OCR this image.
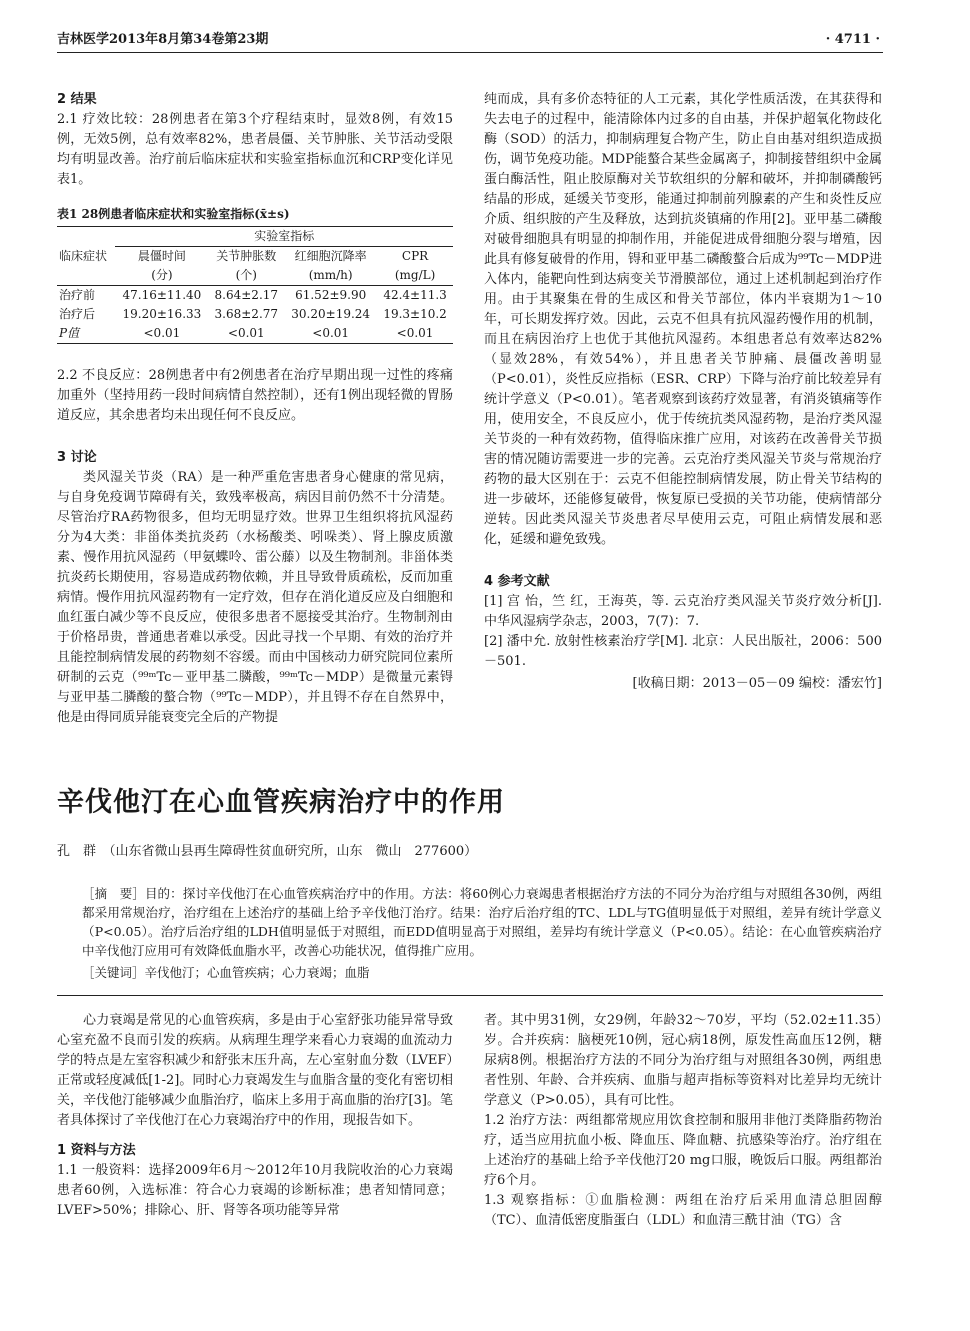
吉林医学2013年8月第34卷第23期	· 4711 ·

2 结果

2.1 疗效比较：28例患者在第3个疗程结束时，显效8例，有效15例，无效5例，总有效率82%，患者晨僵、关节肿胀、关节活动受限均有明显改善。治疗前后临床症状和实验室指标血沉和CRP变化详见表1。

表1 28例患者临床症状和实验室指标(x̄±s)

	实验室指标			
临床症状	晨僵时间	关节肿胀数	红细胞沉降率	CPR
	(分)	(个)	(mm/h)	(mg/L)
治疗前	47.16±11.40	8.64±2.17	61.52±9.90	42.4±11.3
治疗后	19.20±16.33	3.68±2.77	30.20±19.24	19.3±10.2
P值	<0.01	<0.01	<0.01	<0.01

2.2 不良反应：28例患者中有2例患者在治疗早期出现一过性的疼痛加重外（坚持用药一段时间病情自然控制），还有1例出现轻微的胃肠道反应，其余患者均未出现任何不良反应。

3 讨论

类风湿关节炎（RA）是一种严重危害患者身心健康的常见病，与自身免疫调节障碍有关，致残率极高，病因目前仍然不十分清楚。尽管治疗RA药物很多，但均无明显疗效。世界卫生组织将抗风湿药分为4大类：非甾体类抗炎药（水杨酸类、吲哚类）、肾上腺皮质激素、慢作用抗风湿药（甲氨蝶呤、雷公藤）以及生物制剂。非甾体类抗炎药长期使用，容易造成药物依赖，并且导致骨质疏松，反而加重病情。慢作用抗风湿药物有一定疗效，但存在消化道反应及白细胞和血红蛋白减少等不良反应，使很多患者不愿接受其治疗。生物制剂由于价格昂贵，普通患者难以承受。因此寻找一个早期、有效的治疗并且能控制病情发展的药物刻不容缓。而由中国核动力研究院同位素所研制的云克（⁹⁹ᵐTc－亚甲基二膦酸，⁹⁹ᵐTc－MDP）是微量元素锝与亚甲基二膦酸的螯合物（⁹⁹Tc－MDP），并且锝不存在自然界中，他是由得同质异能衰变完全后的产物提

纯而成，具有多价态特征的人工元素，其化学性质活泼，在其获得和失去电子的过程中，能清除体内过多的自由基，并保护超氧化物歧化酶（SOD）的活力，抑制病理复合物产生，防止自由基对组织造成损伤，调节免疫功能。MDP能螯合某些金属离子，抑制接替组织中金属蛋白酶活性，阻止胶原酶对关节软组织的分解和破坏，并抑制磷酸钙结晶的形成，延缓关节变形，能通过抑制前列腺素的产生和炎性反应介质、组织胺的产生及释放，达到抗炎镇痛的作用[2]。亚甲基二磷酸对破骨细胞具有明显的抑制作用，并能促进成骨细胞分裂与增殖，因此具有修复破骨的作用，锝和亚甲基二磷酸螯合后成为⁹⁹Tc－MDP进入体内，能靶向性到达病变关节滑膜部位，通过上述机制起到治疗作用。由于其聚集在骨的生成区和骨关节部位，体内半衰期为1～10年，可长期发挥疗效。因此，云克不但具有抗风湿药慢作用的机制，而且在病因治疗上也优于其他抗风湿药。本组患者总有效率达82%（显效28%，有效54%），并且患者关节肿痛、晨僵改善明显（P<0.01），炎性反应指标（ESR、CRP）下降与治疗前比较差异有统计学意义（P<0.01）。笔者观察到该药疗效显著，有消炎镇痛等作用，使用安全，不良反应小，优于传统抗类风湿药物，是治疗类风湿关节炎的一种有效药物，值得临床推广应用，对该药在改善骨关节损害的情况随访需要进一步的完善。云克治疗类风湿关节炎与常规治疗药物的最大区别在于：云克不但能控制病情发展，防止骨关节结构的进一步破坏，还能修复破骨，恢复原已受损的关节功能，使病情部分逆转。因此类风湿关节炎患者尽早使用云克，可阻止病情发展和恶化，延缓和避免致残。

4 参考文献

[1] 宫 怡，竺 红，王海英，等. 云克治疗类风湿关节炎疗效分析[J]. 中华风湿病学杂志，2003，7(7)：7.

[2] 潘中允. 放射性核素治疗学[M]. 北京：人民出版社，2006：500－501.

[收稿日期：2013－05－09 编校：潘宏竹]

辛伐他汀在心血管疾病治疗中的作用
孔　群　（山东省微山县再生障碍性贫血研究所，山东　微山　277600）

［摘　要］目的：探讨辛伐他汀在心血管疾病治疗中的作用。方法：将60例心力衰竭患者根据治疗方法的不同分为治疗组与对照组各30例，两组都采用常规治疗，治疗组在上述治疗的基础上给予辛伐他汀治疗。结果：治疗后治疗组的TC、LDL与TG值明显低于对照组，差异有统计学意义（P<0.05）。治疗后治疗组的LDH值明显低于对照组，而EDD值明显高于对照组，差异均有统计学意义（P<0.05）。结论：在心血管疾病治疗中辛伐他汀应用可有效降低血脂水平，改善心功能状况，值得推广应用。

［关键词］辛伐他汀；心血管疾病；心力衰竭；血脂

心力衰竭是常见的心血管疾病，多是由于心室舒张功能异常导致心室充盈不良而引发的疾病。从病理生理学来看心力衰竭的血流动力学的特点是左室容积减少和舒张末压升高，左心室射血分数（LVEF）正常或轻度减低[1-2]。同时心力衰竭发生与血脂含量的变化有密切相关，辛伐他汀能够减少血脂治疗，临床上多用于高血脂的治疗[3]。笔者具体探讨了辛伐他汀在心力衰竭治疗中的作用，现报告如下。

1 资料与方法

1.1 一般资料：选择2009年6月～2012年10月我院收治的心力衰竭患者60例，入选标准：符合心力衰竭的诊断标准；患者知情同意；LVEF>50%；排除心、肝、肾等各项功能等异常

者。其中男31例，女29例，年龄32～70岁，平均（52.02±11.35）岁。合并疾病：脑梗死10例，冠心病18例，原发性高血压12例，糖尿病8例。根据治疗方法的不同分为治疗组与对照组各30例，两组患者性别、年龄、合并疾病、血脂与超声指标等资料对比差异均无统计学意义（P>0.05），具有可比性。

1.2 治疗方法：两组都常规应用饮食控制和服用非他汀类降脂药物治疗，适当应用抗血小板、降血压、降血糖、抗感染等治疗。治疗组在上述治疗的基础上给予辛伐他汀20 mg口服，晚饭后口服。两组都治疗6个月。

1.3 观察指标：①血脂检测：两组在治疗后采用血清总胆固醇（TC）、血清低密度脂蛋白（LDL）和血清三酰甘油（TG）含
